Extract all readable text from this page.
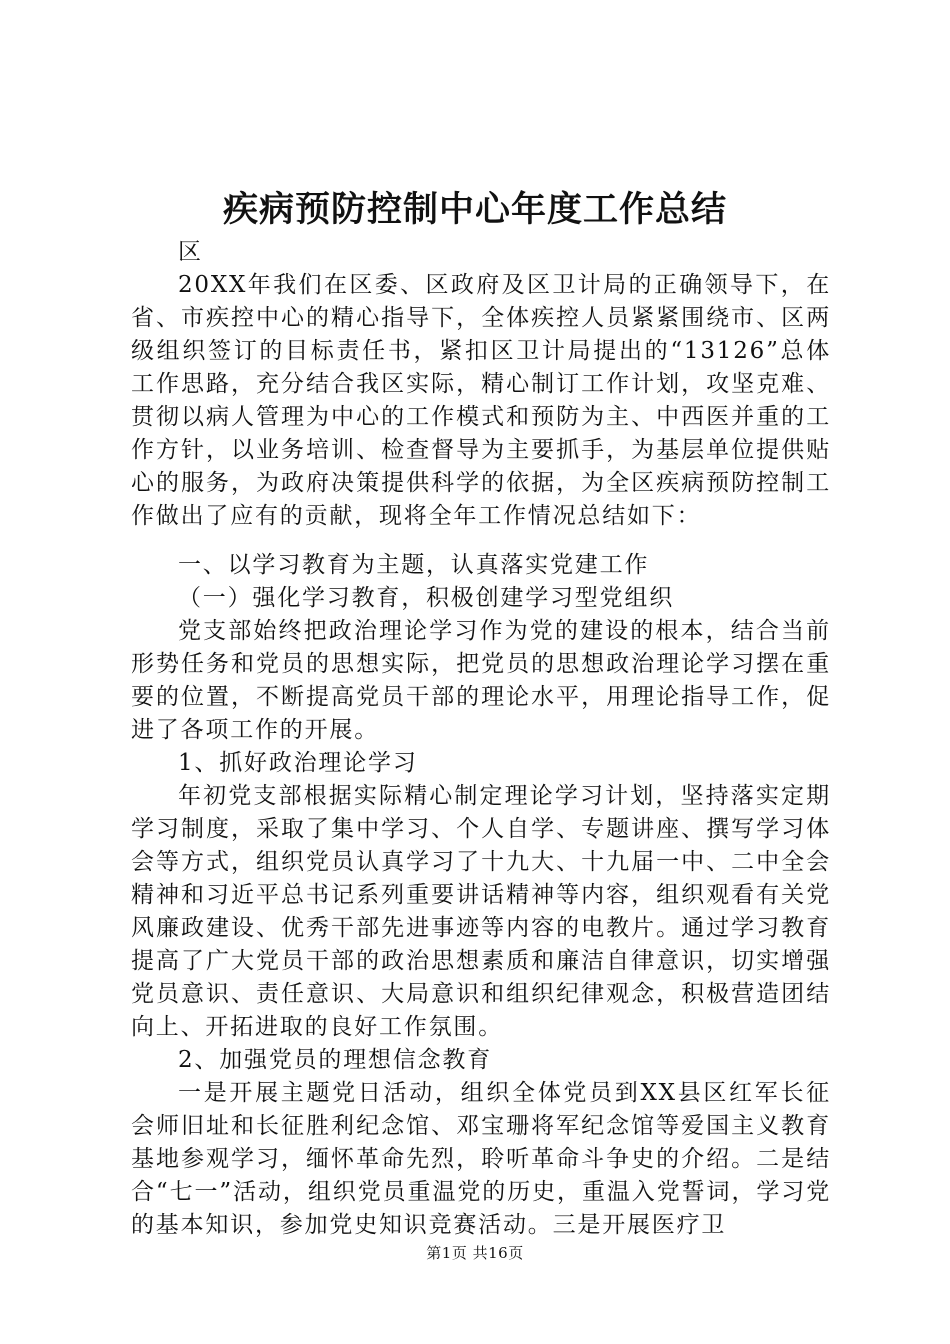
疾病预防控制中心年度工作总结

区

20XX年我们在区委、区政府及区卫计局的正确领导下，在省、市疾控中心的精心指导下，全体疾控人员紧紧围绕市、区两级组织签订的目标责任书，紧扣区卫计局提出的“13126”总体工作思路，充分结合我区实际，精心制订工作计划，攻坚克难、贯彻以病人管理为中心的工作模式和预防为主、中西医并重的工作方针，以业务培训、检查督导为主要抓手，为基层单位提供贴心的服务，为政府决策提供科学的依据，为全区疾病预防控制工作做出了应有的贡献，现将全年工作情况总结如下：

一、以学习教育为主题，认真落实党建工作

（一）强化学习教育，积极创建学习型党组织

党支部始终把政治理论学习作为党的建设的根本，结合当前形势任务和党员的思想实际，把党员的思想政治理论学习摆在重要的位置，不断提高党员干部的理论水平，用理论指导工作，促进了各项工作的开展。

1、抓好政治理论学习

年初党支部根据实际精心制定理论学习计划，坚持落实定期学习制度，采取了集中学习、个人自学、专题讲座、撰写学习体会等方式，组织党员认真学习了十九大、十九届一中、二中全会精神和习近平总书记系列重要讲话精神等内容，组织观看有关党风廉政建设、优秀干部先进事迹等内容的电教片。通过学习教育提高了广大党员干部的政治思想素质和廉洁自律意识，切实增强党员意识、责任意识、大局意识和组织纪律观念，积极营造团结向上、开拓进取的良好工作氛围。

2、加强党员的理想信念教育

一是开展主题党日活动，组织全体党员到XX县区红军长征会师旧址和长征胜利纪念馆、邓宝珊将军纪念馆等爱国主义教育基地参观学习，缅怀革命先烈，聆听革命斗争史的介绍。二是结合“七一”活动，组织党员重温党的历史，重温入党誓词，学习党的基本知识，参加党史知识竞赛活动。三是开展医疗卫

第1页 共16页
